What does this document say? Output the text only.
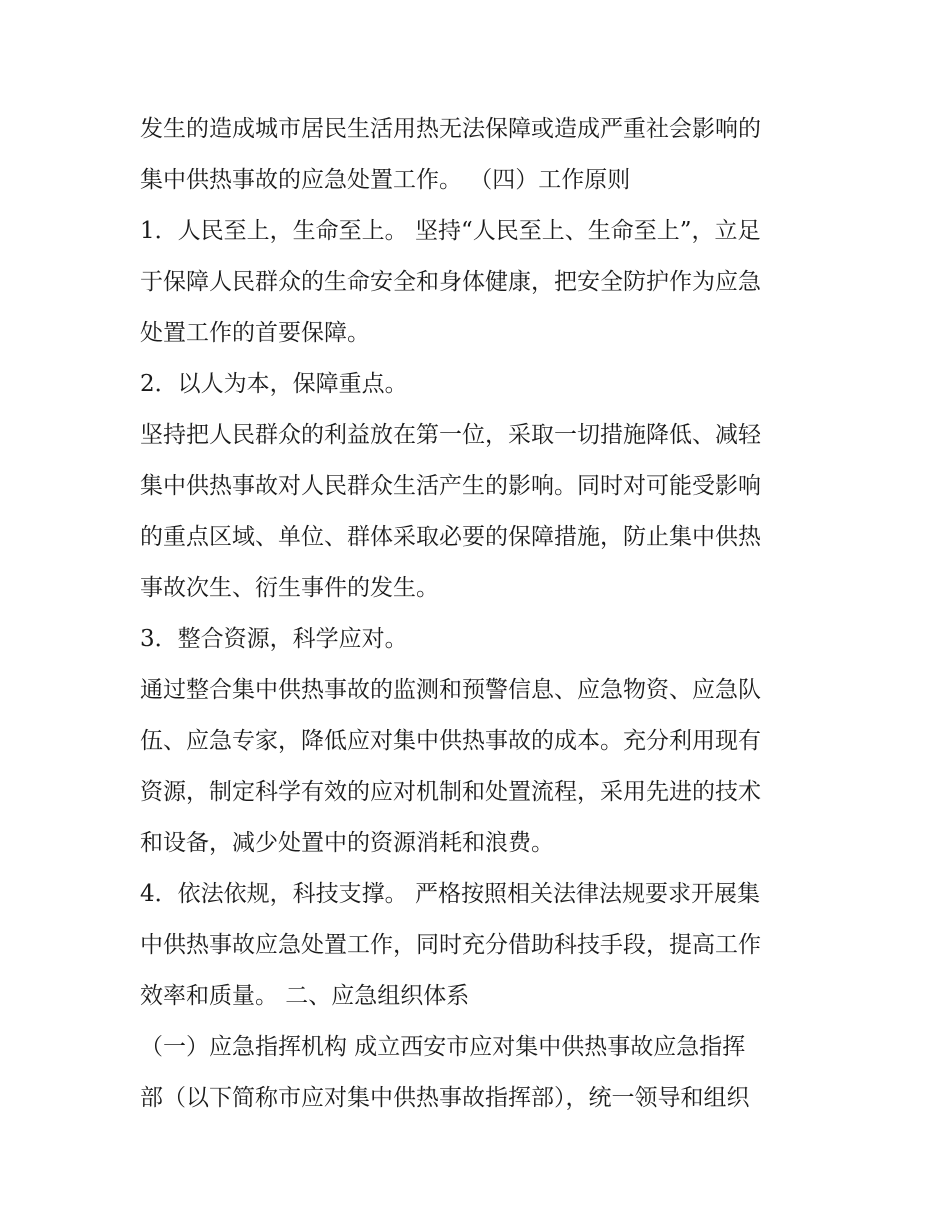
发生的造成城市居民生活用热无法保障或造成严重社会影响的
集中供热事故的应急处置工作。 （四）工作原则
1．人民至上，生命至上。 坚持“人民至上、生命至上”，立足
于保障人民群众的生命安全和身体健康，把安全防护作为应急
处置工作的首要保障。
2．以人为本，保障重点。
坚持把人民群众的利益放在第一位，采取一切措施降低、减轻
集中供热事故对人民群众生活产生的影响。同时对可能受影响
的重点区域、单位、群体采取必要的保障措施，防止集中供热
事故次生、衍生事件的发生。
3．整合资源，科学应对。
通过整合集中供热事故的监测和预警信息、应急物资、应急队
伍、应急专家，降低应对集中供热事故的成本。充分利用现有
资源，制定科学有效的应对机制和处置流程，采用先进的技术
和设备，减少处置中的资源消耗和浪费。
4．依法依规，科技支撑。 严格按照相关法律法规要求开展集
中供热事故应急处置工作，同时充分借助科技手段，提高工作
效率和质量。 二、应急组织体系
（一）应急指挥机构 成立西安市应对集中供热事故应急指挥
部（以下简称市应对集中供热事故指挥部），统一领导和组织
